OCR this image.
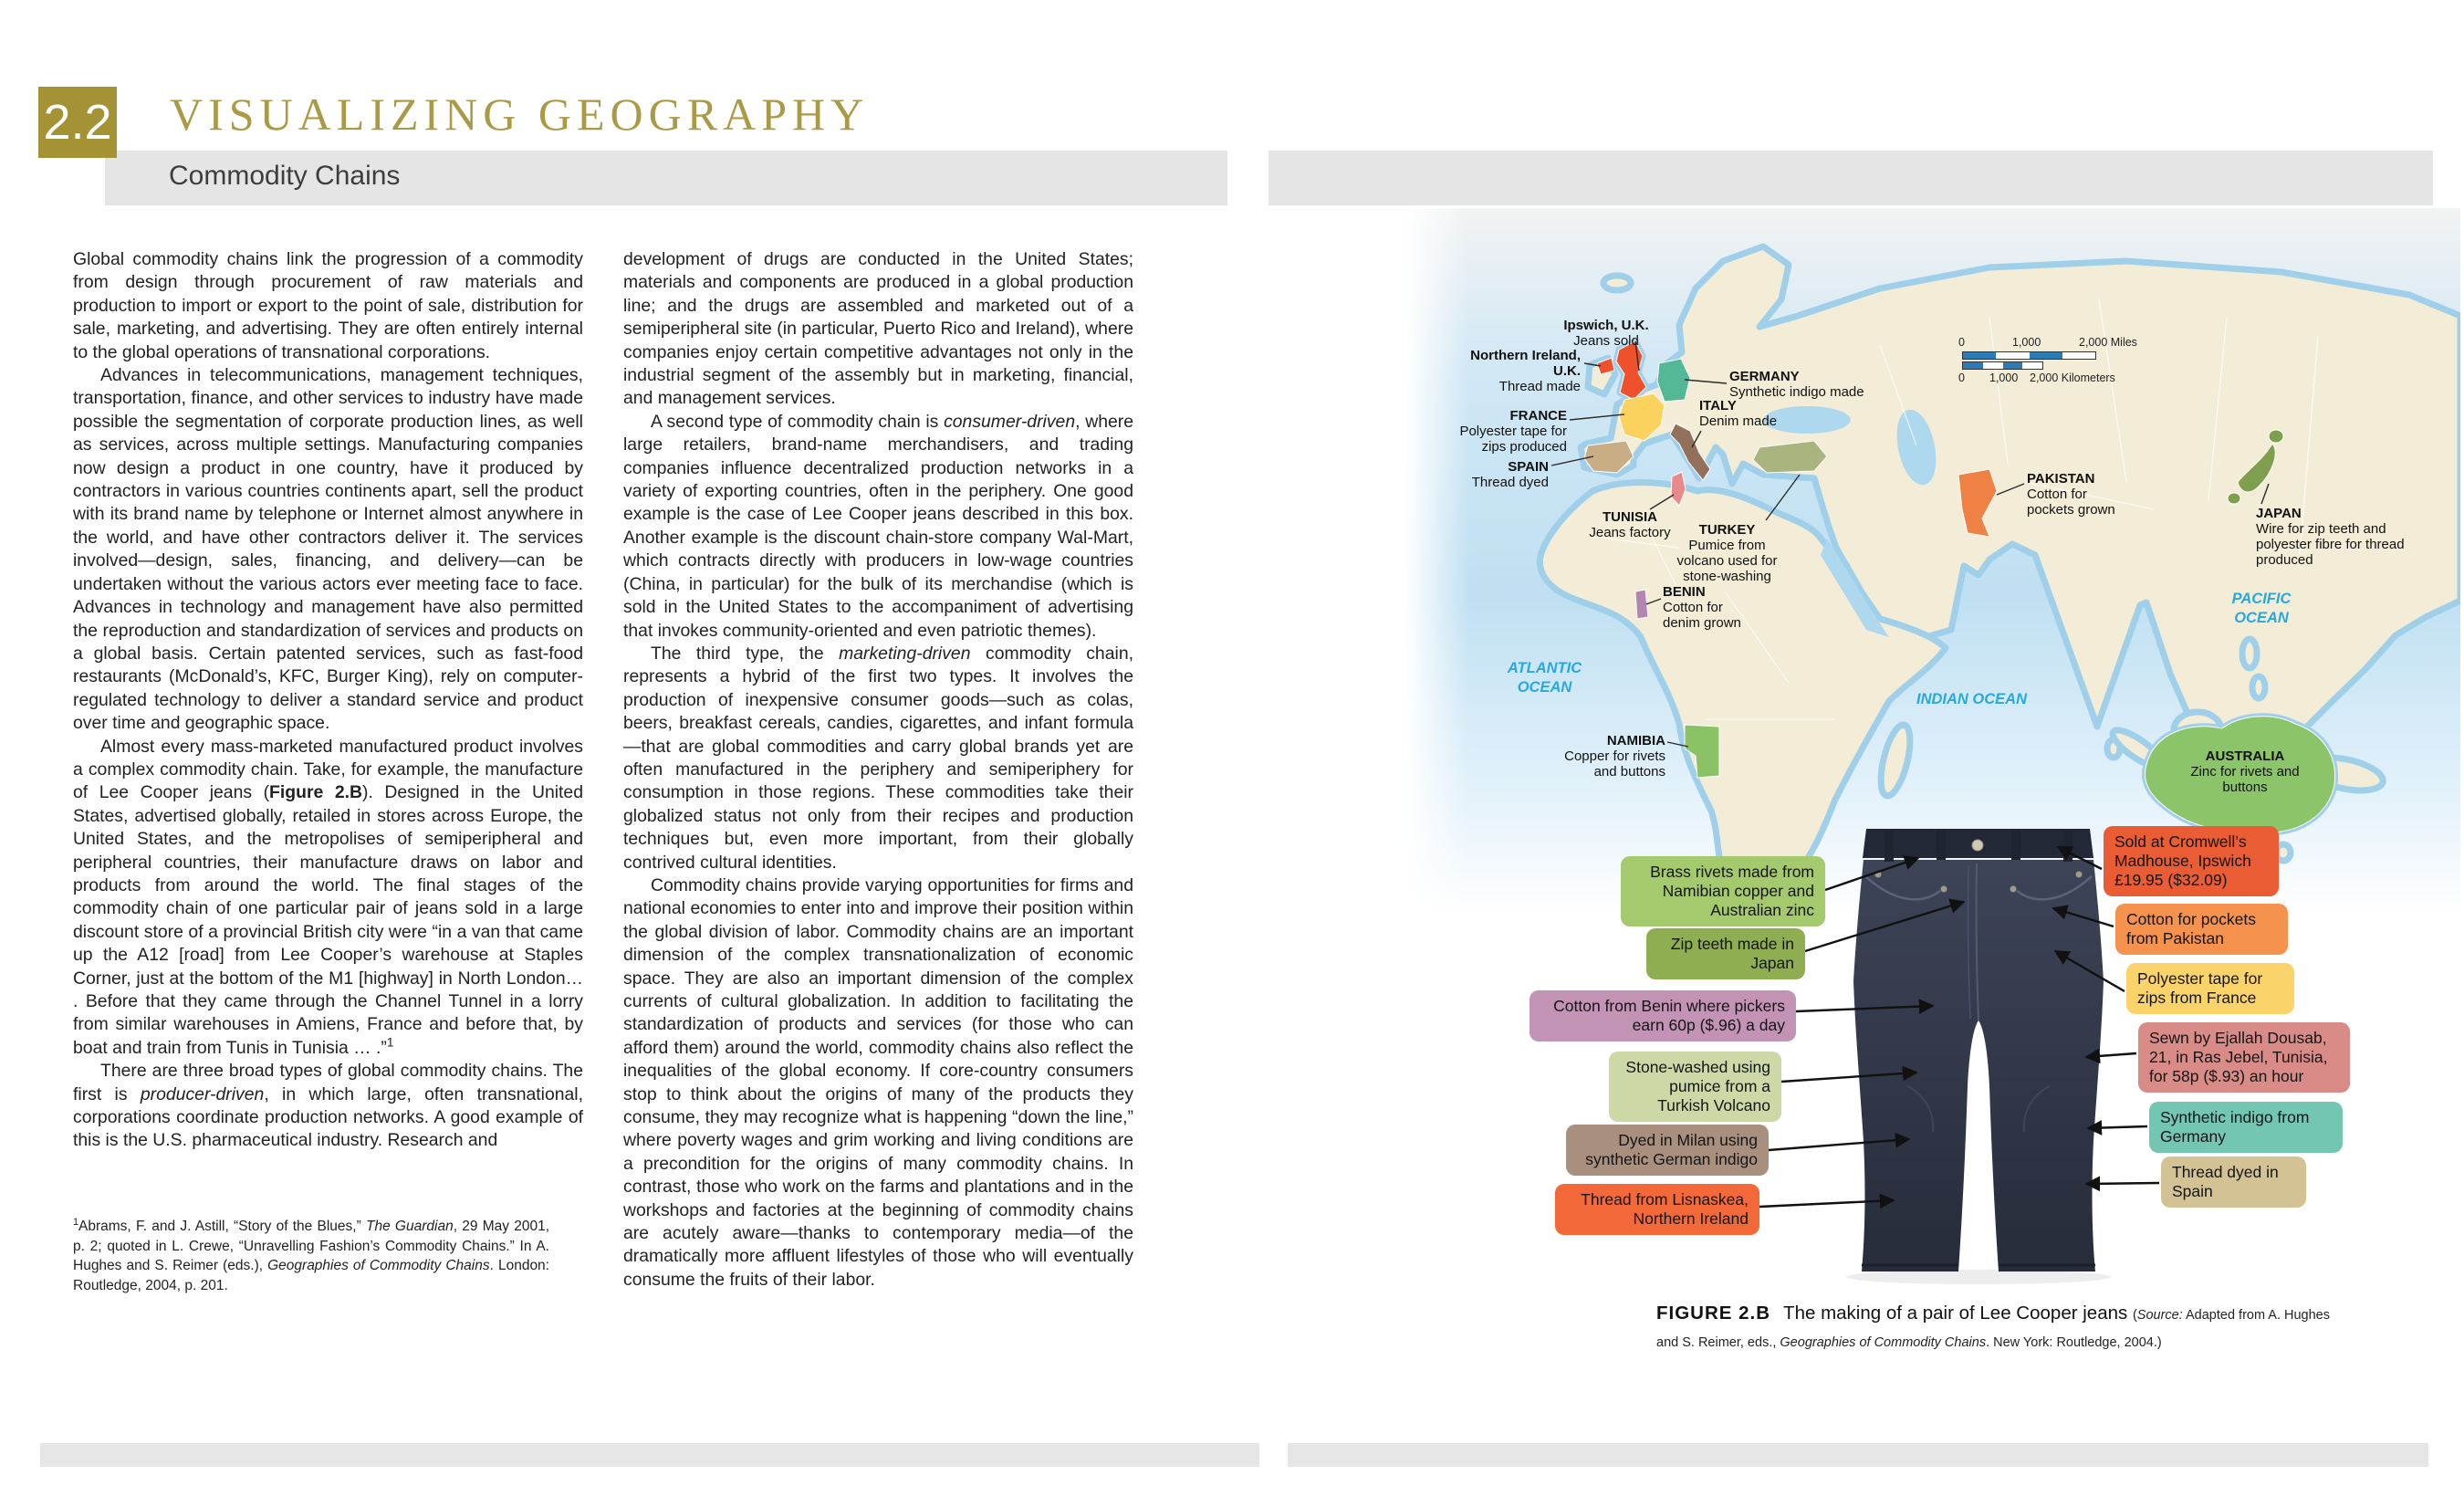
2.2 VISUALIZING GEOGRAPHY
Commodity Chains

Global commodity chains link the progression of a commodity from design through procurement of raw materials and production to import or export to the point of sale, distribution for sale, marketing, and advertising. They are often entirely internal to the global operations of transnational corporations.

Advances in telecommunications, management techniques, transportation, finance, and other services to industry have made possible the segmentation of corporate production lines, as well as services, across multiple settings. Manufacturing companies now design a product in one country, have it produced by contractors in various countries continents apart, sell the product with its brand name by telephone or Internet almost anywhere in the world, and have other contractors deliver it. The services involved—design, sales, financing, and delivery—can be undertaken without the various actors ever meeting face to face. Advances in technology and management have also permitted the reproduction and standardization of services and products on a global basis. Certain patented services, such as fast-food restaurants (McDonald’s, KFC, Burger King), rely on computer-regulated technology to deliver a standard service and product over time and geographic space.

Almost every mass-marketed manufactured product involves a complex commodity chain. Take, for example, the manufacture of Lee Cooper jeans (Figure 2.B). Designed in the United States, advertised globally, retailed in stores across Europe, the United States, and the metropolises of semiperipheral and peripheral countries, their manufacture draws on labor and products from around the world. The final stages of the commodity chain of one particular pair of jeans sold in a large discount store of a provincial British city were “in a van that came up the A12 [road] from Lee Cooper’s warehouse at Staples Corner, just at the bottom of the M1 [highway] in North London… . Before that they came through the Channel Tunnel in a lorry from similar warehouses in Amiens, France and before that, by boat and train from Tunis in Tunisia … .”$^1$

There are three broad types of global commodity chains. The first is producer-driven, in which large, often transnational, corporations coordinate production networks. A good example of this is the U.S. pharmaceutical industry. Research and

$^1$Abrams, F. and J. Astill, “Story of the Blues,” The Guardian, 29 May 2001, p. 2; quoted in L. Crewe, “Unravelling Fashion’s Commodity Chains.” In A. Hughes and S. Reimer (eds.), Geographies of Commodity Chains. London: Routledge, 2004, p. 201.

development of drugs are conducted in the United States; materials and components are produced in a global production line; and the drugs are assembled and marketed out of a semiperipheral site (in particular, Puerto Rico and Ireland), where companies enjoy certain competitive advantages not only in the industrial segment of the assembly but in marketing, financial, and management services.

A second type of commodity chain is consumer-driven, where large retailers, brand-name merchandisers, and trading companies influence decentralized production networks in a variety of exporting countries, often in the periphery. One good example is the case of Lee Cooper jeans described in this box. Another example is the discount chain-store company Wal-Mart, which contracts directly with producers in low-wage countries (China, in particular) for the bulk of its merchandise (which is sold in the United States to the accompaniment of advertising that invokes community-oriented and even patriotic themes).

The third type, the marketing-driven commodity chain, represents a hybrid of the first two types. It involves the production of inexpensive consumer goods—such as colas, beers, breakfast cereals, candies, cigarettes, and infant formula—that are global commodities and carry global brands yet are often manufactured in the periphery and semiperiphery for consumption in those regions. These commodities take their globalized status not only from their recipes and production techniques but, even more important, from their globally contrived cultural identities.

Commodity chains provide varying opportunities for firms and national economies to enter into and improve their position within the global division of labor. Commodity chains are an important dimension of the complex transnationalization of economic space. They are also an important dimension of the complex currents of cultural globalization. In addition to facilitating the standardization of products and services (for those who can afford them) around the world, commodity chains also reflect the inequalities of the global economy. If core-country consumers stop to think about the origins of many of the products they consume, they may recognize what is happening “down the line,” where poverty wages and grim working and living conditions are a precondition for the origins of many commodity chains. In contrast, those who work on the farms and plantations and in the workshops and factories at the beginning of commodity chains are acutely aware—thanks to contemporary media—of the dramatically more affluent lifestyles of those who will eventually consume the fruits of their labor.

Ipswich, U.K.
Jeans sold
Northern Ireland, U.K.
Thread made
GERMANY
Synthetic indigo made
FRANCE
Polyester tape for zips produced
ITALY
Denim made
SPAIN
Thread dyed
TUNISIA
Jeans factory	TURKEY
Pumice from volcano used for stone-washing
BENIN
Cotton for denim grown
NAMIBIA
Copper for rivets and buttons
PAKISTAN
Cotton for pockets grown	JAPAN
Wire for zip teeth and polyester fibre for thread produced
AUSTRALIA
Zinc for rivets and buttons
ATLANTIC OCEAN
INDIAN OCEAN
PACIFIC OCEAN
0	1,000	2,000 Miles
0 1,000 2,000 Kilometers
Brass rivets made from Namibian copper and Australian zinc
Zip teeth made in Japan
Cotton from Benin where pickers earn 60p ($.96) a day
Stone-washed using pumice from a Turkish Volcano
Dyed in Milan using synthetic German indigo
Thread from Lisnaskea, Northern Ireland
Sold at Cromwell’s Madhouse, Ipswich £19.95 ($32.09)
Cotton for pockets from Pakistan
Polyester tape for zips from France
Sewn by Ejallah Dousab, 21, in Ras Jebel, Tunisia, for 58p ($.93) an hour
Synthetic indigo from Germany
Thread dyed in Spain
FIGURE 2.B The making of a pair of Lee Cooper jeans (Source: Adapted from A. Hughes and S. Reimer, eds., Geographies of Commodity Chains. New York: Routledge, 2004.)
